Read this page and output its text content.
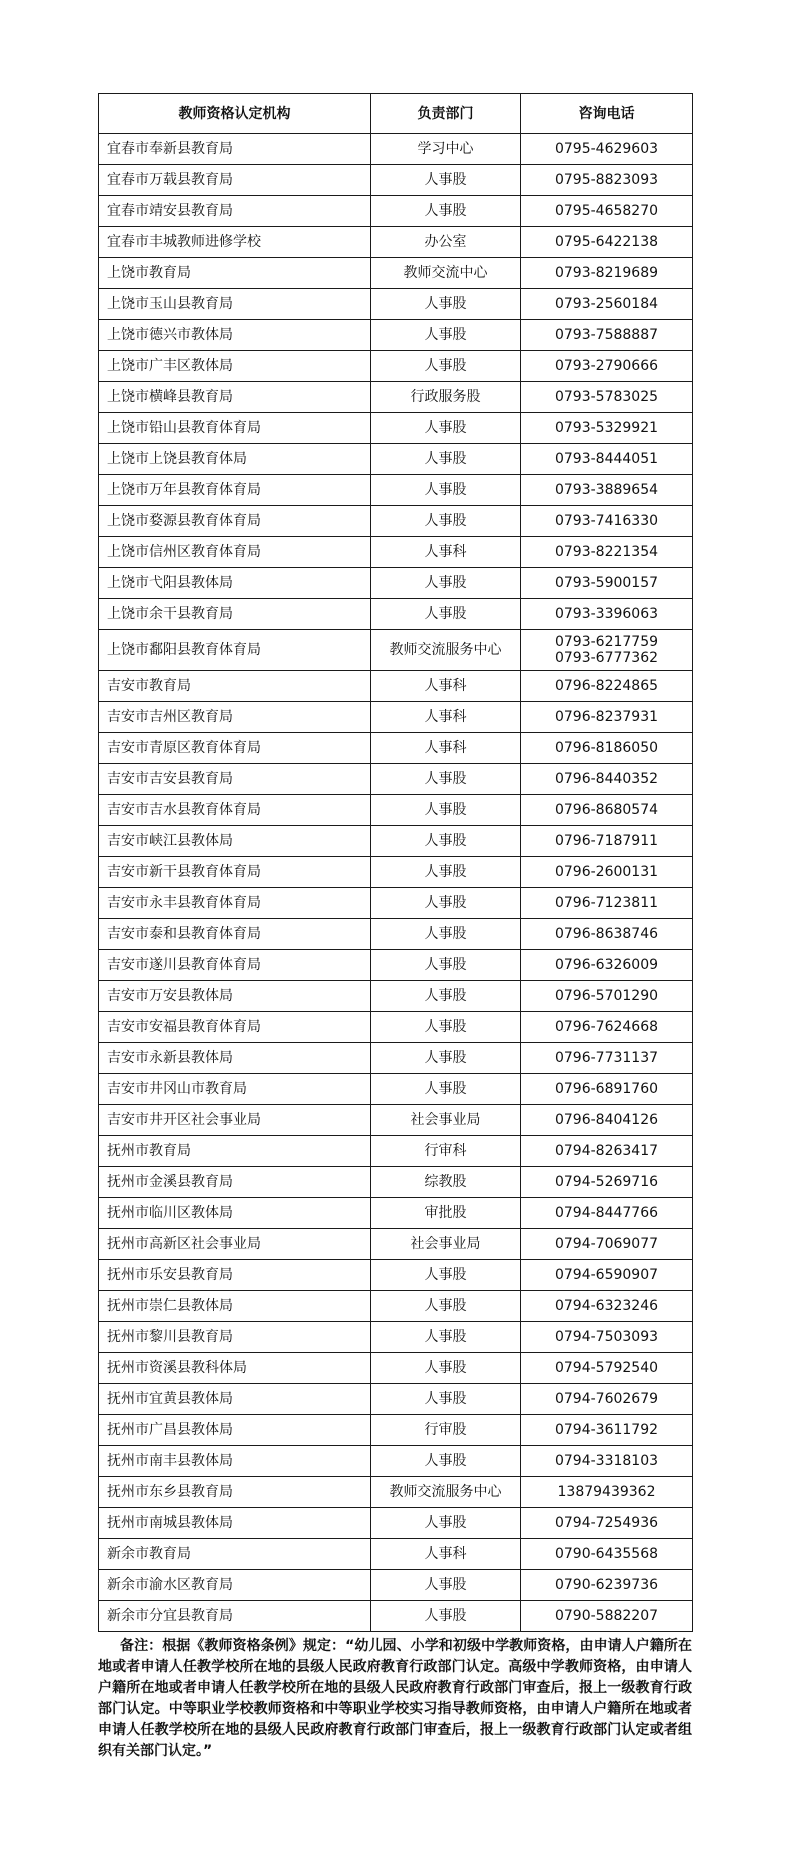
教师资格认定机构	负责部门	咨询电话
宜春市奉新县教育局	学习中心	0795-4629603

宜春市万载县教育局	人事股	0795-8823093

宜春市靖安县教育局	人事股	0795-4658270

宜春市丰城教师进修学校	办公室	0795-6422138

上饶市教育局	教师交流中心	0793-8219689

上饶市玉山县教育局	人事股	0793-2560184

上饶市德兴市教体局	人事股	0793-7588887

上饶市广丰区教体局	人事股	0793-2790666

上饶市横峰县教育局	行政服务股	0793-5783025

上饶市铅山县教育体育局	人事股	0793-5329921

上饶市上饶县教育体局	人事股	0793-8444051

上饶市万年县教育体育局	人事股	0793-3889654

上饶市婺源县教育体育局	人事股	0793-7416330

上饶市信州区教育体育局	人事科	0793-8221354

上饶市弋阳县教体局	人事股	0793-5900157

上饶市余干县教育局	人事股	0793-3396063

上饶市鄱阳县教育体育局	教师交流服务中心	0793-6217759
0793-6777362

吉安市教育局	人事科	0796-8224865

吉安市吉州区教育局	人事科	0796-8237931

吉安市青原区教育体育局	人事科	0796-8186050

吉安市吉安县教育局	人事股	0796-8440352

吉安市吉水县教育体育局	人事股	0796-8680574

吉安市峡江县教体局	人事股	0796-7187911

吉安市新干县教育体育局	人事股	0796-2600131

吉安市永丰县教育体育局	人事股	0796-7123811

吉安市泰和县教育体育局	人事股	0796-8638746

吉安市遂川县教育体育局	人事股	0796-6326009

吉安市万安县教体局	人事股	0796-5701290

吉安市安福县教育体育局	人事股	0796-7624668

吉安市永新县教体局	人事股	0796-7731137

吉安市井冈山市教育局	人事股	0796-6891760

吉安市井开区社会事业局	社会事业局	0796-8404126

抚州市教育局	行审科	0794-8263417

抚州市金溪县教育局	综教股	0794-5269716

抚州市临川区教体局	审批股	0794-8447766

抚州市高新区社会事业局	社会事业局	0794-7069077

抚州市乐安县教育局	人事股	0794-6590907

抚州市崇仁县教体局	人事股	0794-6323246

抚州市黎川县教育局	人事股	0794-7503093

抚州市资溪县教科体局	人事股	0794-5792540

抚州市宜黄县教体局	人事股	0794-7602679

抚州市广昌县教体局	行审股	0794-3611792

抚州市南丰县教体局	人事股	0794-3318103

抚州市东乡县教育局	教师交流服务中心	13879439362

抚州市南城县教体局	人事股	0794-7254936

新余市教育局	人事科	0790-6435568

新余市渝水区教育局	人事股	0790-6239736

新余市分宜县教育局	人事股	0790-5882207
备注：根据《教师资格条例》规定：“幼儿园、小学和初级中学教师资格，由申请人户籍所在地或者申请人任教学校所在地的县级人民政府教育行政部门认定。高级中学教师资格，由申请人户籍所在地或者申请人任教学校所在地的县级人民政府教育行政部门审查后，报上一级教育行政部门认定。中等职业学校教师资格和中等职业学校实习指导教师资格，由申请人户籍所在地或者申请人任教学校所在地的县级人民政府教育行政部门审查后，报上一级教育行政部门认定或者组织有关部门认定。”
